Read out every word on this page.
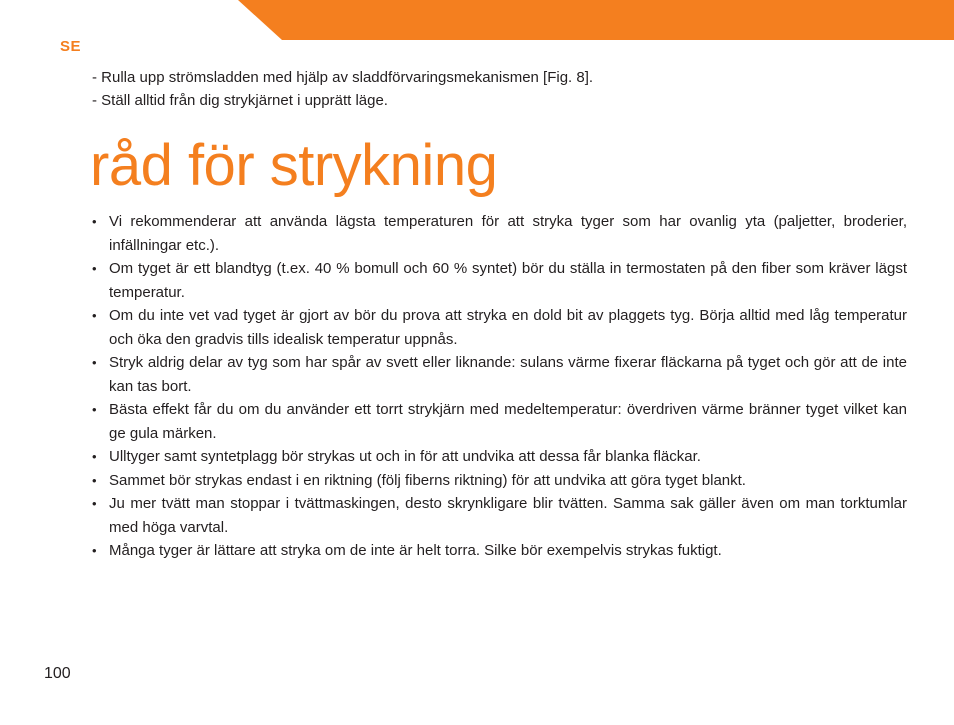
SE
- Rulla upp strömsladden med hjälp av sladdförvaringsmekanismen [Fig. 8].
- Ställ alltid från dig strykjärnet i upprätt läge.
råd för strykning
• Vi rekommenderar att använda lägsta temperaturen för att stryka tyger som har ovanlig yta (paljetter, broderier, infällningar etc.).
• Om tyget är ett blandtyg (t.ex. 40 % bomull och 60 % syntet) bör du ställa in termostaten på den fiber som kräver lägst temperatur.
• Om du inte vet vad tyget är gjort av bör du prova att stryka en dold bit av plaggets tyg. Börja alltid med låg temperatur och öka den gradvis tills idealisk temperatur uppnås.
• Stryk aldrig delar av tyg som har spår av svett eller liknande: sulans värme fixerar fläckarna på tyget och gör att de inte kan tas bort.
• Bästa effekt får du om du använder ett torrt strykjärn med medeltemperatur: överdriven värme bränner tyget vilket kan ge gula märken.
• Ulltyger samt syntetplagg bör strykas ut och in för att undvika att dessa får blanka fläckar.
• Sammet bör strykas endast i en riktning (följ fiberns riktning) för att undvika att göra tyget blankt.
• Ju mer tvätt man stoppar i tvättmaskingen, desto skrynkligare blir tvätten. Samma sak gäller även om man torktumlar med höga varvtal.
• Många tyger är lättare att stryka om de inte är helt torra. Silke bör exempelvis strykas fuktigt.
100
